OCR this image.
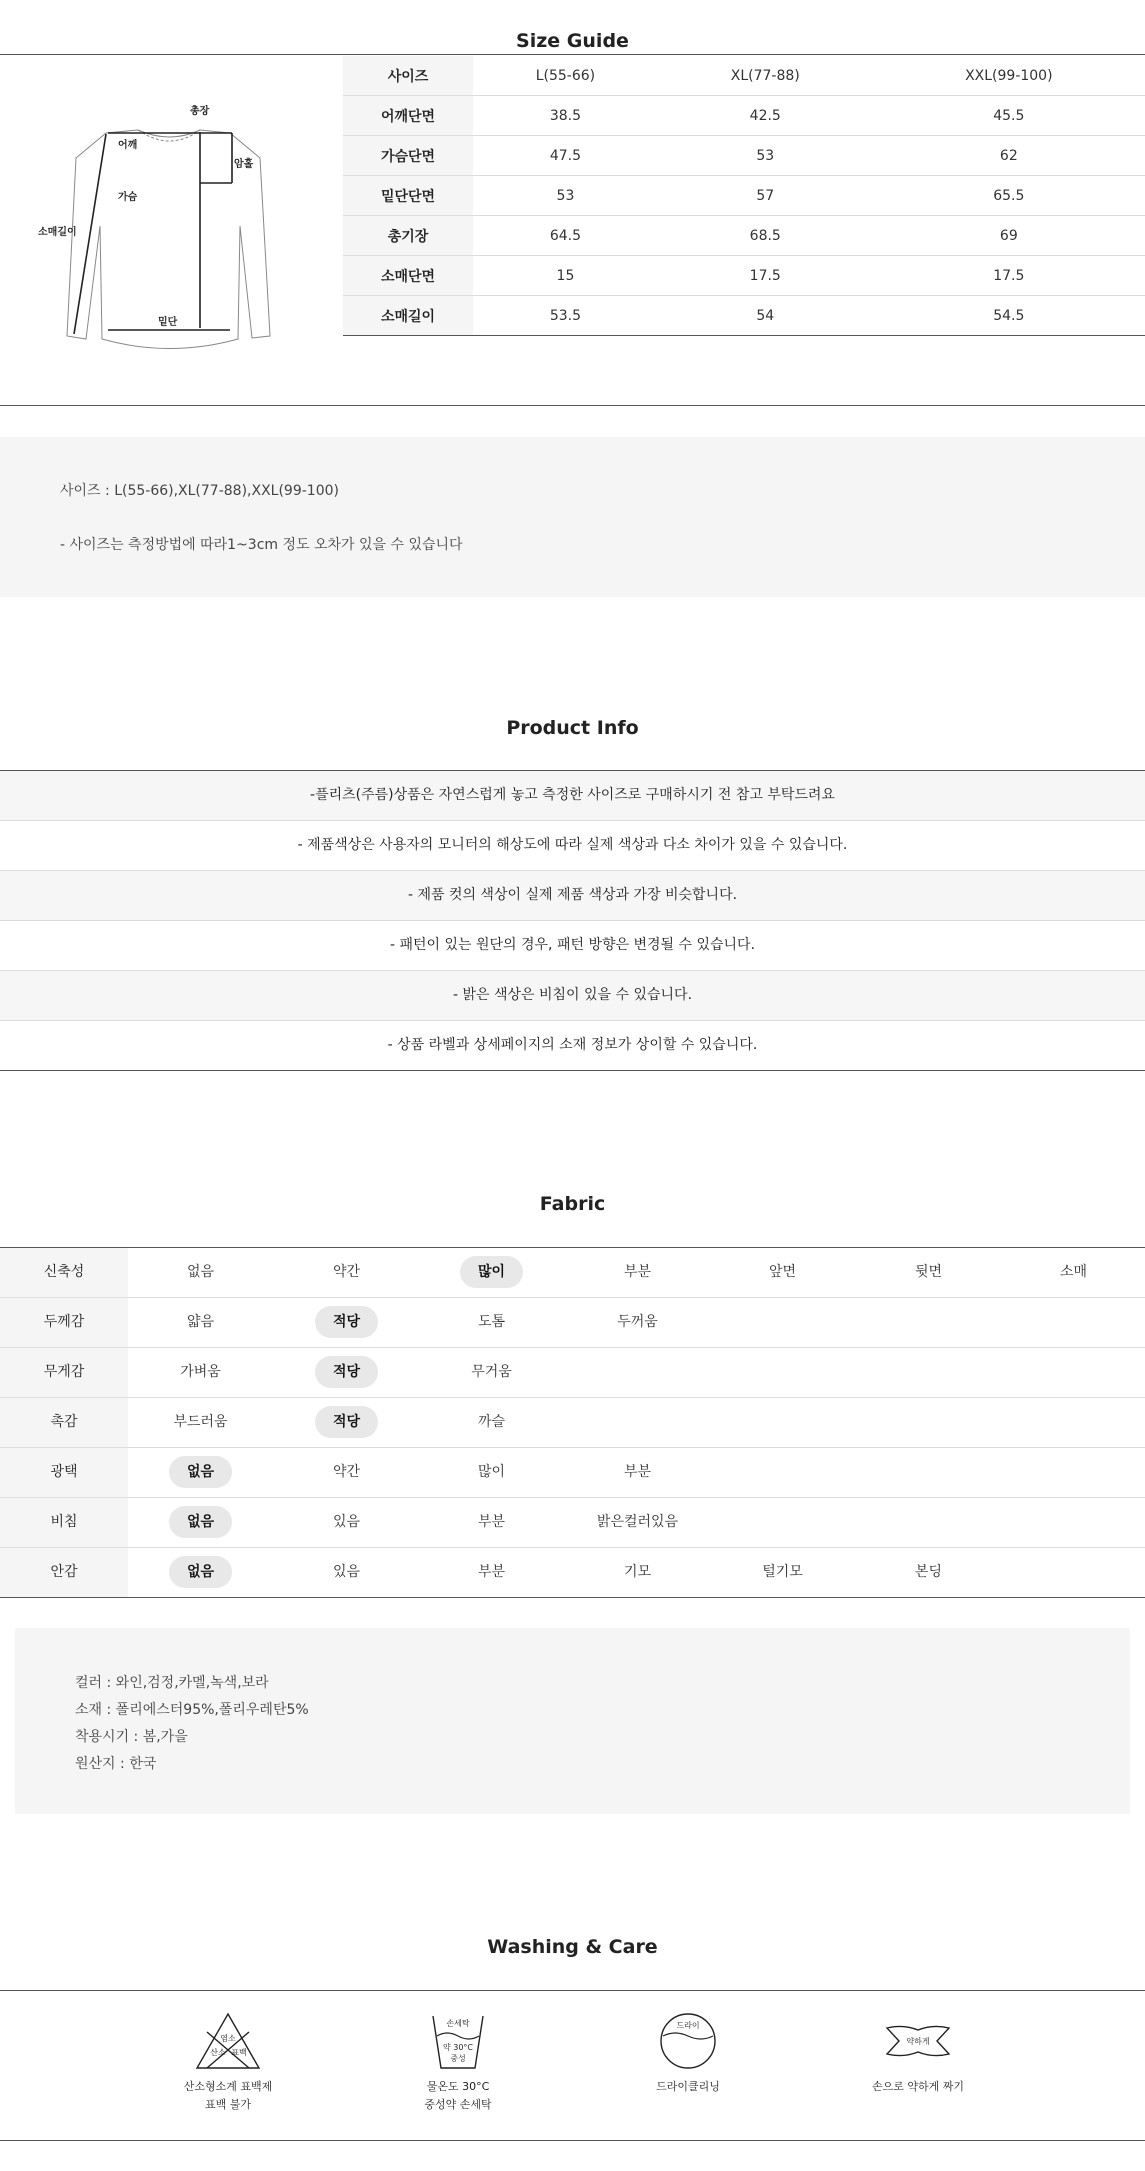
Size Guide
총장
어깨
암홀
가슴
소매길이
밑단
사이즈	L(55-66)	XL(77-88)	XXL(99-100)
어깨단면	38.5	42.5	45.5
가슴단면	47.5	53	62
밑단단면	53	57	65.5
총기장	64.5	68.5	69
소매단면	15	17.5	17.5
소매길이	53.5	54	54.5
사이즈 : L(55-66),XL(77-88),XXL(99-100)
- 사이즈는 측정방법에 따라1~3cm 정도 오차가 있을 수 있습니다
Product Info
-플리츠(주름)상품은 자연스럽게 놓고 측정한 사이즈로 구매하시기 전 참고 부탁드려요
- 제품색상은 사용자의 모니터의 해상도에 따라 실제 색상과 다소 차이가 있을 수 있습니다.
- 제품 컷의 색상이 실제 제품 색상과 가장 비슷합니다.
- 패턴이 있는 원단의 경우, 패턴 방향은 변경될 수 있습니다.
- 밝은 색상은 비침이 있을 수 있습니다.
- 상품 라벨과 상세페이지의 소재 정보가 상이할 수 있습니다.
Fabric
신축성	없음	약간	많이	부분	앞면	뒷면	소매
두께감	얇음	적당	도톰	두꺼움
무게감	가벼움	적당	무거움
촉감	부드러움	적당	까슬
광택	없음	약간	많이	부분
비침	없음	있음	부분	밝은컬러있음
안감	없음	있음	부분	기모	털기모	본딩
컬러 : 와인,검정,카멜,녹색,보라
소재 : 폴리에스터95%,폴리우레탄5%
착용시기 : 봄,가을
원산지 : 한국
Washing & Care
염소
산소 표백
산소형소계 표백제
표백 불가
손세탁
약 30°C
중성
물온도 30°C
중성약 손세탁
드라이
드라이클리닝
약하게
손으로 약하게 짜기
